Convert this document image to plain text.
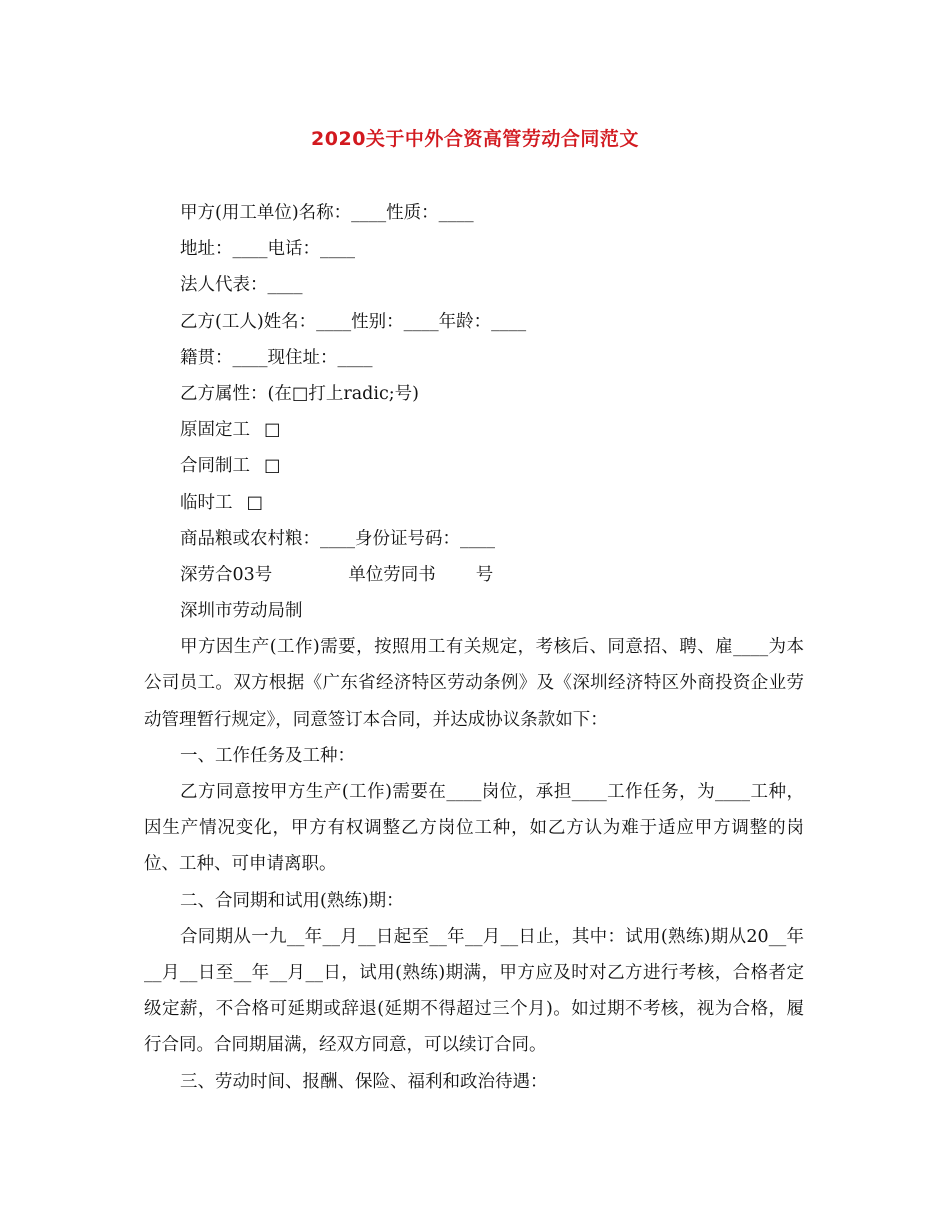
2020关于中外合资高管劳动合同范文
甲方(用工单位)名称：____性质：____
地址：____电话：____
法人代表：____
乙方(工人)姓名：____性别：____年龄：____
籍贯：____现住址：____
乙方属性：(在□打上radic;号)
原固定工 □
合同制工 □
临时工 □
商品粮或农村粮：____身份证号码：____
深劳合03号	单位劳同书 号
深圳市劳动局制
甲方因生产(工作)需要，按照用工有关规定，考核后、同意招、聘、雇____为本公司员工。双方根据《广东省经济特区劳动条例》及《深圳经济特区外商投资企业劳动管理暂行规定》，同意签订本合同，并达成协议条款如下：
一、工作任务及工种：
乙方同意按甲方生产(工作)需要在____岗位，承担____工作任务，为____工种，因生产情况变化，甲方有权调整乙方岗位工种，如乙方认为难于适应甲方调整的岗位、工种、可申请离职。
二、合同期和试用(熟练)期：
合同期从一九__年__月__日起至__年__月__日止，其中：试用(熟练)期从20__年__月__日至__年__月__日，试用(熟练)期满，甲方应及时对乙方进行考核，合格者定级定薪，不合格可延期或辞退(延期不得超过三个月)。如过期不考核，视为合格，履行合同。合同期届满，经双方同意，可以续订合同。
三、劳动时间、报酬、保险、福利和政治待遇：
